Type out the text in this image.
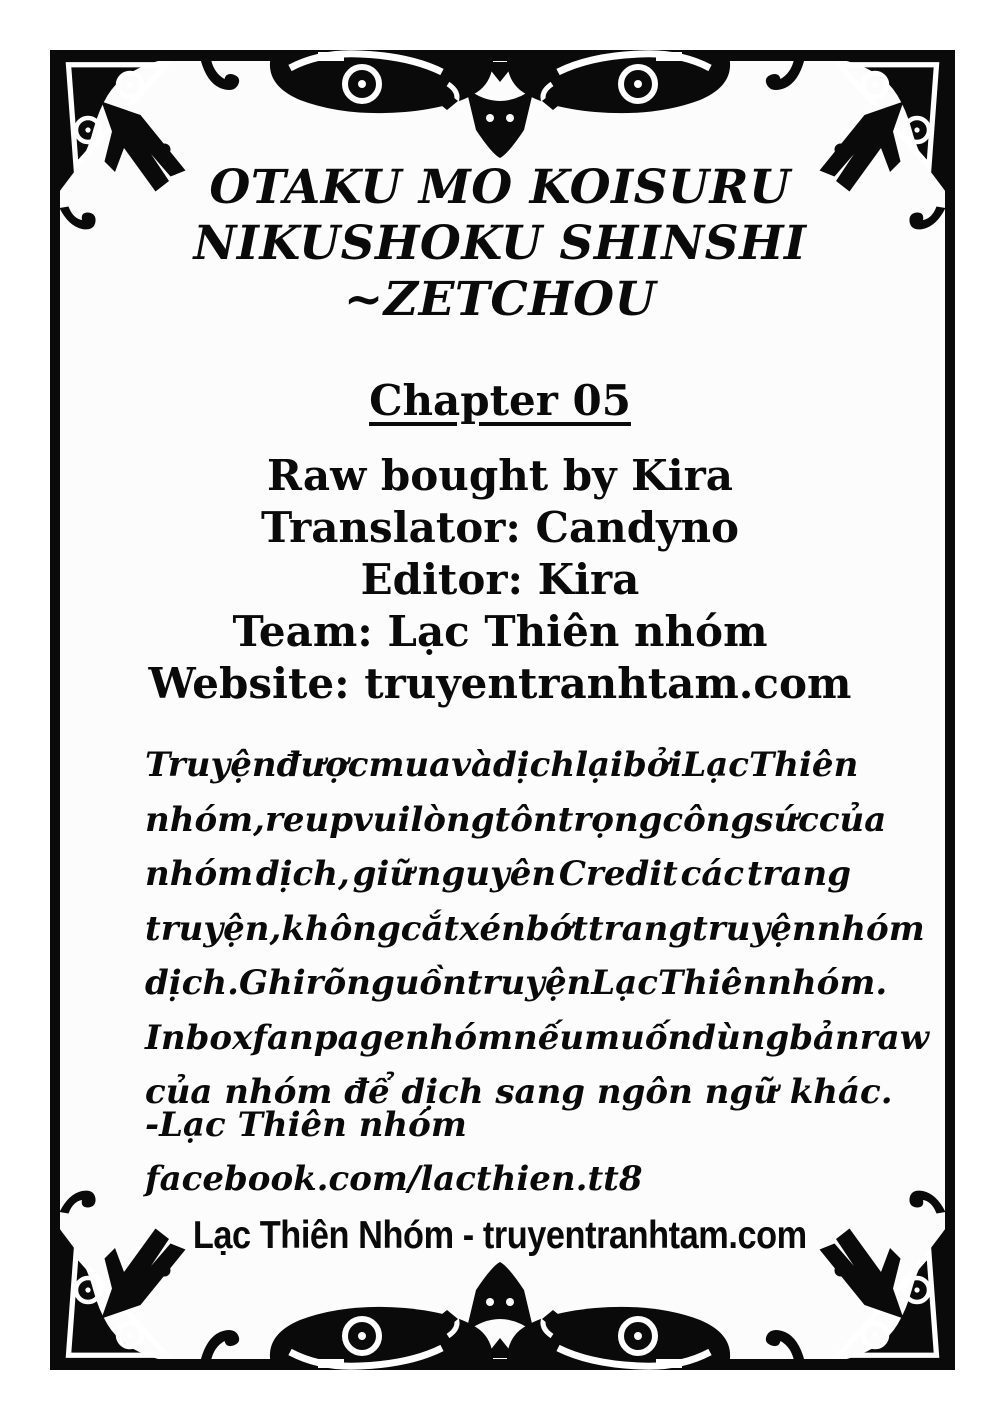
OTAKU MO KOISURU
NIKUSHOKU SHINSHI
~ZETCHOU
Chapter 05
Raw bought by Kira
Translator: Candyno
Editor: Kira
Team: Lạc Thiên nhóm
Website: truyentranhtam.com
Truyện được mua và dịch lại bởi Lạc Thiên
nhóm, reup vui lòng tôn trọng công sức của
nhóm dịch, giữ nguyên Credit các trang
truyện, không cắt xén bớt trang truyện nhóm
dịch. Ghi rõ nguồn truyện Lạc Thiên nhóm.
Inbox fanpage nhóm nếu muốn dùng bản raw
của nhóm để dịch sang ngôn ngữ khác.
-Lạc Thiên nhóm
facebook.com/lacthien.tt8
Lạc Thiên Nhóm - truyentranhtam.com
